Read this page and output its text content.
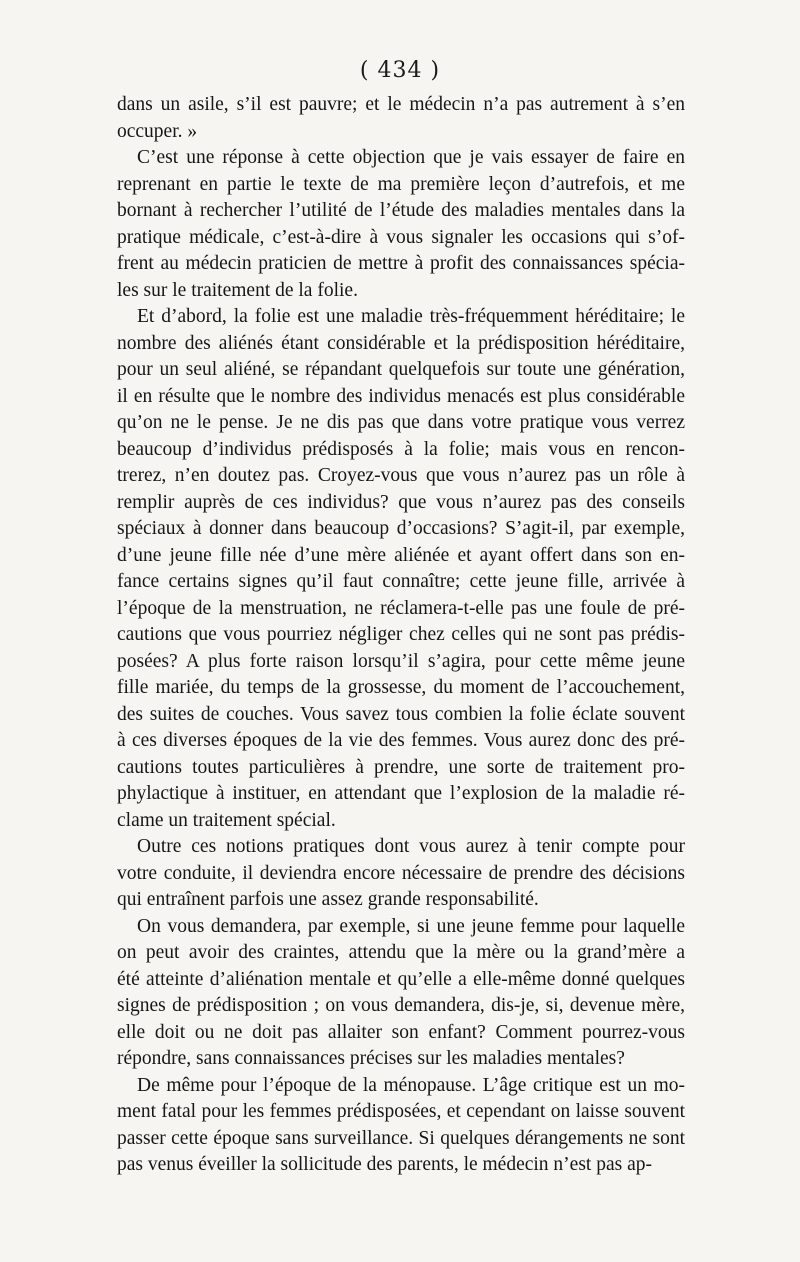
( 434 )
dans un asile, s’il est pauvre; et le médecin n’a pas autrement à s’en
occuper. »
C’est une réponse à cette objection que je vais essayer de faire en
reprenant en partie le texte de ma première leçon d’autrefois, et me
bornant à rechercher l’utilité de l’étude des maladies mentales dans la
pratique médicale, c’est-à-dire à vous signaler les occasions qui s’of-
frent au médecin praticien de mettre à profit des connaissances spécia-
les sur le traitement de la folie.
Et d’abord, la folie est une maladie très-fréquemment héréditaire; le
nombre des aliénés étant considérable et la prédisposition héréditaire,
pour un seul aliéné, se répandant quelquefois sur toute une génération,
il en résulte que le nombre des individus menacés est plus considérable
qu’on ne le pense. Je ne dis pas que dans votre pratique vous verrez
beaucoup d’individus prédisposés à la folie; mais vous en rencon-
trerez, n’en doutez pas. Croyez-vous que vous n’aurez pas un rôle à
remplir auprès de ces individus? que vous n’aurez pas des conseils
spéciaux à donner dans beaucoup d’occasions? S’agit-il, par exemple,
d’une jeune fille née d’une mère aliénée et ayant offert dans son en-
fance certains signes qu’il faut connaître; cette jeune fille, arrivée à
l’époque de la menstruation, ne réclamera-t-elle pas une foule de pré-
cautions que vous pourriez négliger chez celles qui ne sont pas prédis-
posées? A plus forte raison lorsqu’il s’agira, pour cette même jeune
fille mariée, du temps de la grossesse, du moment de l’accouchement,
des suites de couches. Vous savez tous combien la folie éclate souvent
à ces diverses époques de la vie des femmes. Vous aurez donc des pré-
cautions toutes particulières à prendre, une sorte de traitement pro-
phylactique à instituer, en attendant que l’explosion de la maladie ré-
clame un traitement spécial.
Outre ces notions pratiques dont vous aurez à tenir compte pour
votre conduite, il deviendra encore nécessaire de prendre des décisions
qui entraînent parfois une assez grande responsabilité.
On vous demandera, par exemple, si une jeune femme pour laquelle
on peut avoir des craintes, attendu que la mère ou la grand’mère a
été atteinte d’aliénation mentale et qu’elle a elle-même donné quelques
signes de prédisposition ; on vous demandera, dis-je, si, devenue mère,
elle doit ou ne doit pas allaiter son enfant? Comment pourrez-vous
répondre, sans connaissances précises sur les maladies mentales?
De même pour l’époque de la ménopause. L’âge critique est un mo-
ment fatal pour les femmes prédisposées, et cependant on laisse souvent
passer cette époque sans surveillance. Si quelques dérangements ne sont
pas venus éveiller la sollicitude des parents, le médecin n’est pas ap-
